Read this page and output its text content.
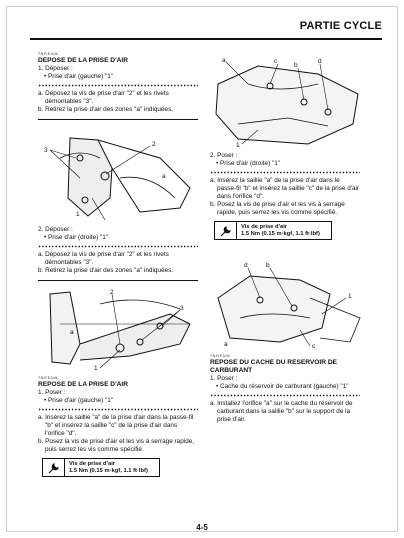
PARTIE CYCLE
T.N.R.E.N.M.
DEPOSE DE LA PRISE D'AIR
1. Déposer :
• Prise d'air (gauche) "1"
a. Déposez la vis de prise d'air "2" et les rivets démontables "3".
b. Retirez la prise d'air des zones "a" indiquées.
3
2
1
a
2. Déposer :
• Prise d'air (droite) "1"
a. Déposez la vis de prise d'air "2" et les rivets démontables "3".
b. Retirez la prise d'air des zones "a" indiquées.
3
2
1
a
T.N.R.E.N.M.
REPOSE DE LA PRISE D'AIR
1. Poser :
• Prise d'air (gauche) "1"
a. Insérez la saillie "a" de la prise d'air dans la passe-fil "b" et insérez la saillie "c" de la prise d'air dans l'orifice "d".
b. Posez la vis de prise d'air et les vis à serrage rapide, puis serrez les vis comme spécifié.
Vis de prise d'air
1.5 Nm (0.15 m·kgf, 1.1 ft·lbf)
a	c
b
d
1
2. Poser :
• Prise d'air (droite) "1"
a. Insérez la saillie "a" de la prise d'air dans le passe-fil "b" et insérez la saillie "c" de la prise d'air dans l'orifice "d".
b. Posez la vis de prise d'air et les vis à serrage rapide, puis serrez les vis comme spécifié.
Vis de prise d'air
1.5 Nm (0.15 m·kgf, 1.1 ft·lbf)
d	b
1
c
a
T.N.R.E.N.M.
REPOSE DU CACHE DU RESERVOIR DE CARBURANT
1. Poser :
• Cache du réservoir de carburant (gauche) "1"
a. Installez l'orifice "a" sur le cache du réservoir de carburant dans la saillie "b" sur le support de la prise d'air.
4-5
